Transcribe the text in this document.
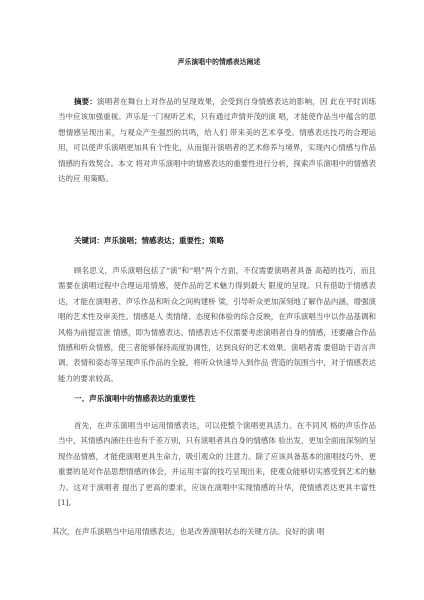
声乐演唱中的情感表达阐述

摘要：演唱者在舞台上对作品的呈现效果，会受到自身情感表达的影响，因 此在平时训练当中应该加强重视。声乐是一门视听艺术，只有通过声情并茂的演 唱，才能使作品当中蕴含的思想情感呈现出来，与观众产生强烈的共鸣，给人们 带来美的艺术享受。情感表达技巧的合理运用，可以使声乐演唱更加具有个性化，从而提升演唱者的艺术修养与境界，实现内心情感与作品情感的有效契合。本文 将对声乐演唱中的情感表达的重要性进行分析，探索声乐演唱中的情感表达的应 用策略。

关键词：声乐演唱；情感表达；重要性；策略

顾名思义，声乐演唱包括了“演”和“唱”两个方面，不仅需要演唱者具备 高超的技巧，而且需要在演唱过程中合理运用情感，使作品的艺术魅力得到最大 限度的呈现。只有借助于情感表达，才能在演唱者、声乐作品和听众之间构建桥 梁，引导听众更加深刻地了解作品内涵，增强演唱的艺术性及审美性。情感是人 类情绪、态度和体验的综合反映，在声乐演唱当中以作品基调和风格为前提宣泄 情感，即为情感表达。情感表达不仅需要考虑演唱者自身的情感，还要融合作品 情感和听众情感，使三者能够保持高度协调性，达到良好的艺术效果。演唱者需 要借助于语言声调、表情和姿态等呈现声乐作品的全貌，将听众快速导入到作品 营造的氛围当中，对于情感表达能力的要求较高。

一、声乐演唱中的情感表达的重要性

首先，在声乐演唱当中运用情感表达，可以使整个演唱更具活力。在不同风 格的声乐作品当中，其情感内涵往往也有千差万别，只有演唱者具自身的情感体 验出发，更加全面而深刻的呈现作品情感，才能使演唱更具生命力，吸引观众的 注意力。除了应该具备基本的演唱技巧外，更重要的是对作品思想情感的体会，并运用丰富的技巧呈现出来，使观众能够切实感受到艺术的魅力。这对于演唱者 提出了更高的要求，应该在演唱中实现情感的升华，使情感表达更具丰富性[1]。

其次，在声乐演唱当中运用情感表达，也是改善演唱状态的关键方法。良好的演 唱
